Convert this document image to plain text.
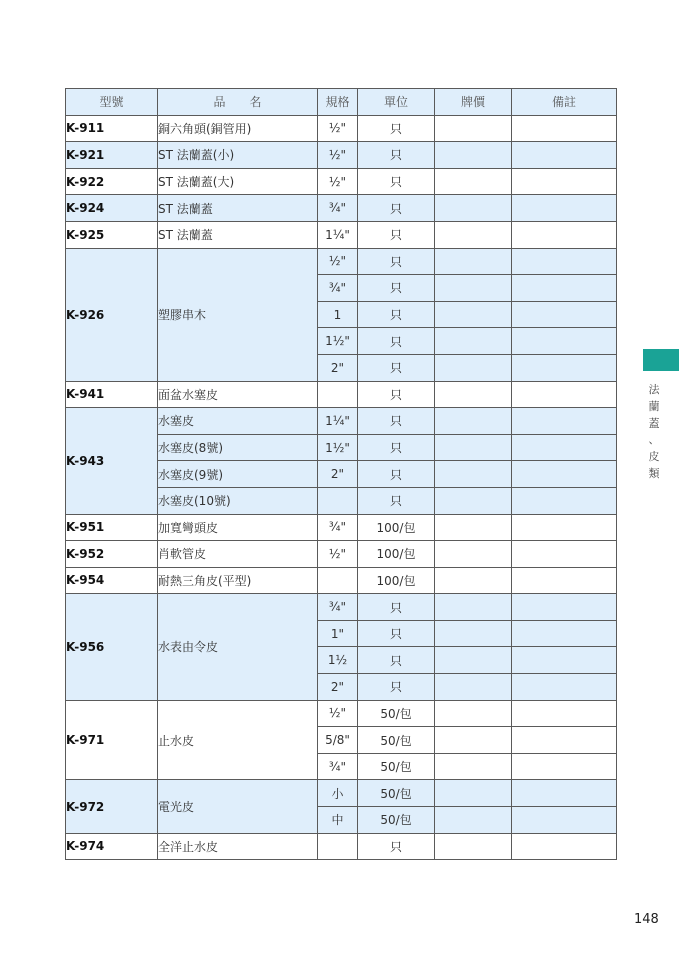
型號	品　　名	規格	單位	牌價	備註
K-911	銅六角頭(銅管用)	½"	只		
K-921	ST 法蘭蓋(小)	½"	只		
K-922	ST 法蘭蓋(大)	½"	只		
K-924	ST 法蘭蓋	¾"	只		
K-925	ST 法蘭蓋	1¼"	只		
K-926	塑膠串木	½"	只		
		¾"	只		
		1	只		
		1½"	只		
		2"	只		
K-941	面盆水塞皮		只		
K-943	水塞皮	1¼"	只		
	水塞皮(8號)	1½"	只		
	水塞皮(9號)	2"	只		
	水塞皮(10號)		只		
K-951	加寬彎頭皮	¾"	100/包		
K-952	肖軟管皮	½"	100/包		
K-954	耐熱三角皮(平型)		100/包		
K-956	水表由令皮	¾"	只		
		1"	只		
		1½	只		
		2"	只		
K-971	止水皮	½"	50/包		
		5/8"	50/包		
		¾"	50/包		
K-972	電光皮	小	50/包		
		中	50/包		
K-974	全洋止水皮		只		
法
蘭
蓋
、
皮
類
148
